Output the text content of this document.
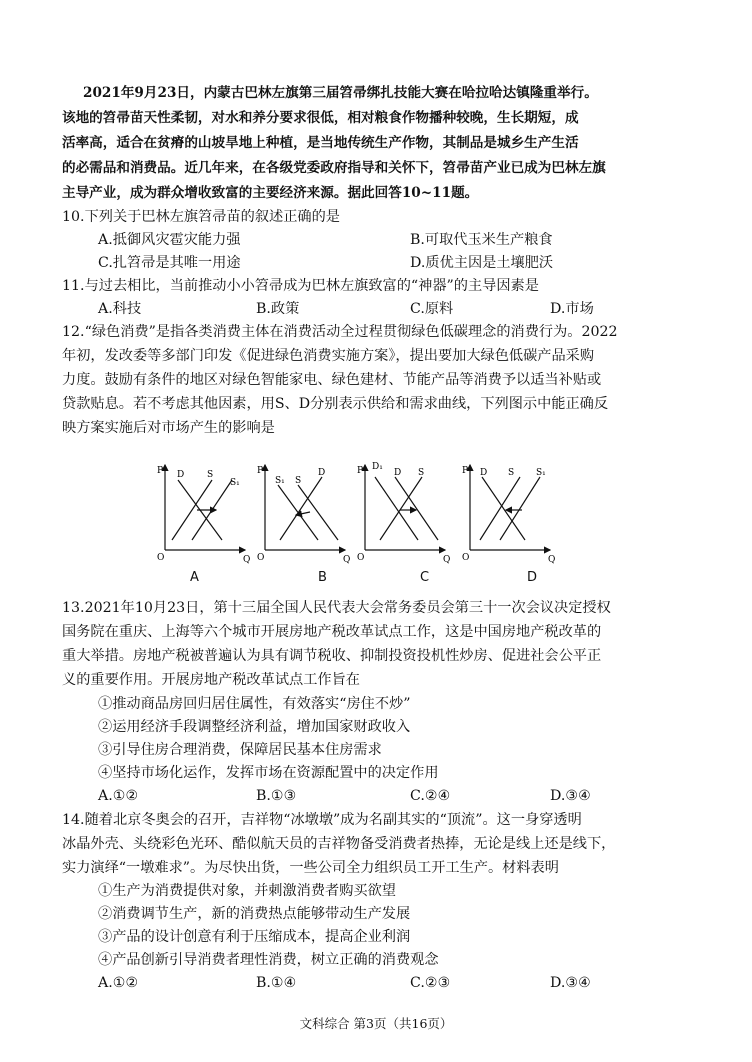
2021年9月23日，内蒙古巴林左旗第三届笤帚绑扎技能大赛在哈拉哈达镇隆重举行。
该地的笤帚苗天性柔韧，对水和养分要求很低，相对粮食作物播种较晚，生长期短，成
活率高，适合在贫瘠的山坡旱地上种植，是当地传统生产作物，其制品是城乡生产生活
的必需品和消费品。近几年来，在各级党委政府指导和关怀下，笤帚苗产业已成为巴林左旗
主导产业，成为群众增收致富的主要经济来源。据此回答10~11题。
10.下列关于巴林左旗笤帚苗的叙述正确的是
A.抵御风灾雹灾能力强	B.可取代玉米生产粮食
C.扎笤帚是其唯一用途	D.质优主因是土壤肥沃
11.与过去相比，当前推动小小笤帚成为巴林左旗致富的“神器”的主导因素是
A.科技	B.政策	C.原料	D.市场
12.“绿色消费”是指各类消费主体在消费活动全过程贯彻绿色低碳理念的消费行为。2022
年初，发改委等多部门印发《促进绿色消费实施方案》，提出要加大绿色低碳产品采购
力度。鼓励有条件的地区对绿色智能家电、绿色建材、节能产品等消费予以适当补贴或
贷款贴息。若不考虑其他因素，用S、D分别表示供给和需求曲线，下列图示中能正确反
映方案实施后对市场产生的影响是
P
O	Q
D	S
S₁
P
O	Q
S₁ S
D	P
O	Q
D₁
D S	P
O	Q
D S S₁
A	B	C	D
13.2021年10月23日，第十三届全国人民代表大会常务委员会第三十一次会议决定授权
国务院在重庆、上海等六个城市开展房地产税改革试点工作，这是中国房地产税改革的
重大举措。房地产税被普遍认为具有调节税收、抑制投资投机性炒房、促进社会公平正
义的重要作用。开展房地产税改革试点工作旨在
①推动商品房回归居住属性，有效落实“房住不炒”
②运用经济手段调整经济利益，增加国家财政收入
③引导住房合理消费，保障居民基本住房需求
④坚持市场化运作，发挥市场在资源配置中的决定作用
A.①②	B.①③	C.②④	D.③④
14.随着北京冬奥会的召开，吉祥物“冰墩墩”成为名副其实的“顶流”。这一身穿透明
冰晶外壳、头绕彩色光环、酷似航天员的吉祥物备受消费者热捧，无论是线上还是线下，
实力演绎“一墩难求”。为尽快出货，一些公司全力组织员工开工生产。材料表明
①生产为消费提供对象，并刺激消费者购买欲望
②消费调节生产，新的消费热点能够带动生产发展
③产品的设计创意有利于压缩成本，提高企业利润
④产品创新引导消费者理性消费，树立正确的消费观念
A.①②	B.①④	C.②③	D.③④
文科综合 第3页（共16页）
